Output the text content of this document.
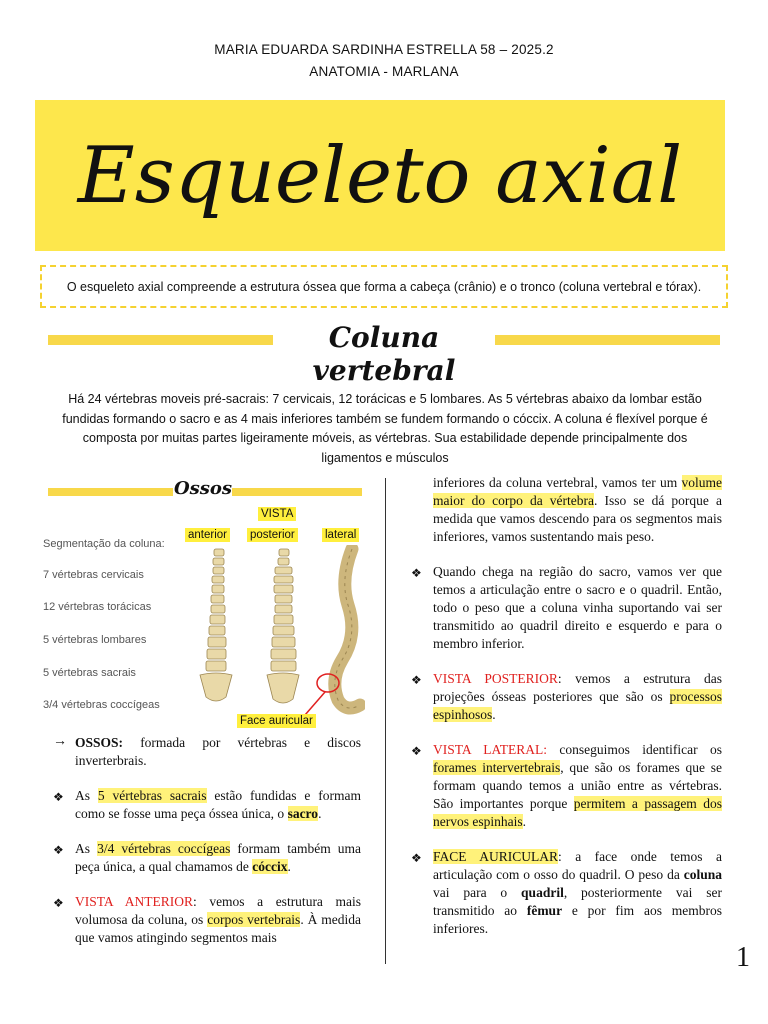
MARIA EDUARDA SARDINHA ESTRELLA 58 – 2025.2
ANATOMIA - MARLANA
Esqueleto axial
O esqueleto axial compreende a estrutura óssea que forma a cabeça (crânio) e o tronco (coluna vertebral e tórax).
Coluna vertebral
Há 24 vértebras moveis pré-sacrais: 7 cervicais, 12 torácicas e 5 lombares. As 5 vértebras abaixo da lombar estão fundidas formando o sacro e as 4 mais inferiores também se fundem formando o cóccix. A coluna é flexível porque é composta por muitas partes ligeiramente móveis, as vértebras. Sua estabilidade depende principalmente dos ligamentos e músculos
Ossos
VISTA
anterior posterior	lateral
Segmentação da coluna:
7 vértebras cervicais
12 vértebras torácicas
5 vértebras lombares
5 vértebras sacrais
3/4 vértebras coccígeas
Face auricular

→ OSSOS: formada por vértebras e discos inverterbrais.

❖ As 5 vértebras sacrais estão fundidas e formam como se fosse uma peça óssea única, o sacro.

❖ As 3/4 vértebras coccígeas formam também uma peça única, a qual chamamos de cóccix.

❖ VISTA ANTERIOR: vemos a estrutura mais volumosa da coluna, os corpos vertebrais. À medida que vamos atingindo segmentos mais

inferiores da coluna vertebral, vamos ter um volume maior do corpo da vértebra. Isso se dá porque a medida que vamos descendo para os segmentos mais inferiores, vamos sustentando mais peso.

❖ Quando chega na região do sacro, vamos ver que temos a articulação entre o sacro e o quadril. Então, todo o peso que a coluna vinha suportando vai ser transmitido ao quadril direito e esquerdo e para o membro inferior.

❖ VISTA POSTERIOR: vemos a estrutura das projeções ósseas posteriores que são os processos espinhosos.

❖ VISTA LATERAL: conseguimos identificar os forames intervertebrais, que são os forames que se formam quando temos a união entre as vértebras. São importantes porque permitem a passagem dos nervos espinhais.

❖ FACE AURICULAR: a face onde temos a articulação com o osso do quadril. O peso da coluna vai para o quadril, posteriormente vai ser transmitido ao fêmur e por fim aos membros inferiores.

1
